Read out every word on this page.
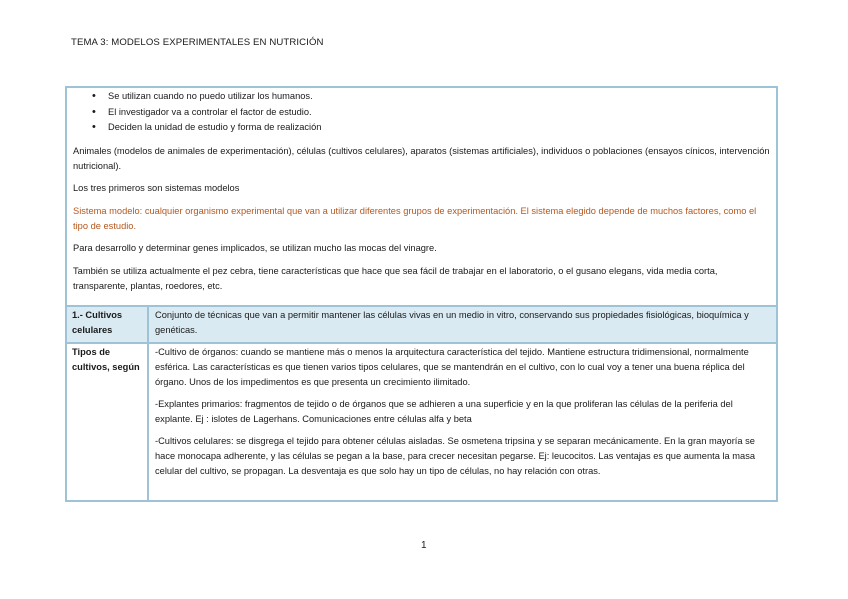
TEMA 3: MODELOS EXPERIMENTALES EN NUTRICIÓN
• Se utilizan cuando no puedo utilizar los humanos.
• El investigador va a controlar el factor de estudio.
• Deciden la unidad de estudio y forma de realización

Animales (modelos de animales de experimentación), células (cultivos celulares), aparatos (sistemas artificiales), individuos o poblaciones (ensayos cínicos, intervención nutricional).

Los tres primeros son sistemas modelos

Sistema modelo: cualquier organismo experimental que van a utilizar diferentes grupos de experimentación. El sistema elegido depende de muchos factores, como el tipo de estudio.

Para desarrollo y determinar genes implicados, se utilizan mucho las mocas del vinagre.

También se utiliza actualmente el pez cebra, tiene características que hace que sea fácil de trabajar en el laboratorio, o el gusano elegans, vida media corta, transparente, plantas, roedores, etc.

1.- Cultivos celulares
Conjunto de técnicas que van a permitir mantener las células vivas en un medio in vitro, conservando sus propiedades fisiológicas, bioquímica y genéticas.
Tipos de cultivos, según

-Cultivo de órganos: cuando se mantiene más o menos la arquitectura característica del tejido. Mantiene estructura tridimensional, normalmente esférica. Las características es que tienen varios tipos celulares, que se mantendrán en el cultivo, con lo cual voy a tener una buena réplica del órgano. Unos de los impedimentos es que presenta un crecimiento ilimitado.

-Explantes primarios: fragmentos de tejido o de órganos que se adhieren a una superficie y en la que proliferan las células de la periferia del explante. Ej : islotes de Lagerhans. Comunicaciones entre células alfa y beta

-Cultivos celulares: se disgrega el tejido para obtener células aisladas. Se osmetena tripsina y se separan mecánicamente. En la gran mayoría se hace monocapa adherente, y las células se pegan a la base, para crecer necesitan pegarse. Ej: leucocitos. Las ventajas es que aumenta la masa celular del cultivo, se propagan. La desventaja es que solo hay un tipo de células, no hay relación con otras.

1
